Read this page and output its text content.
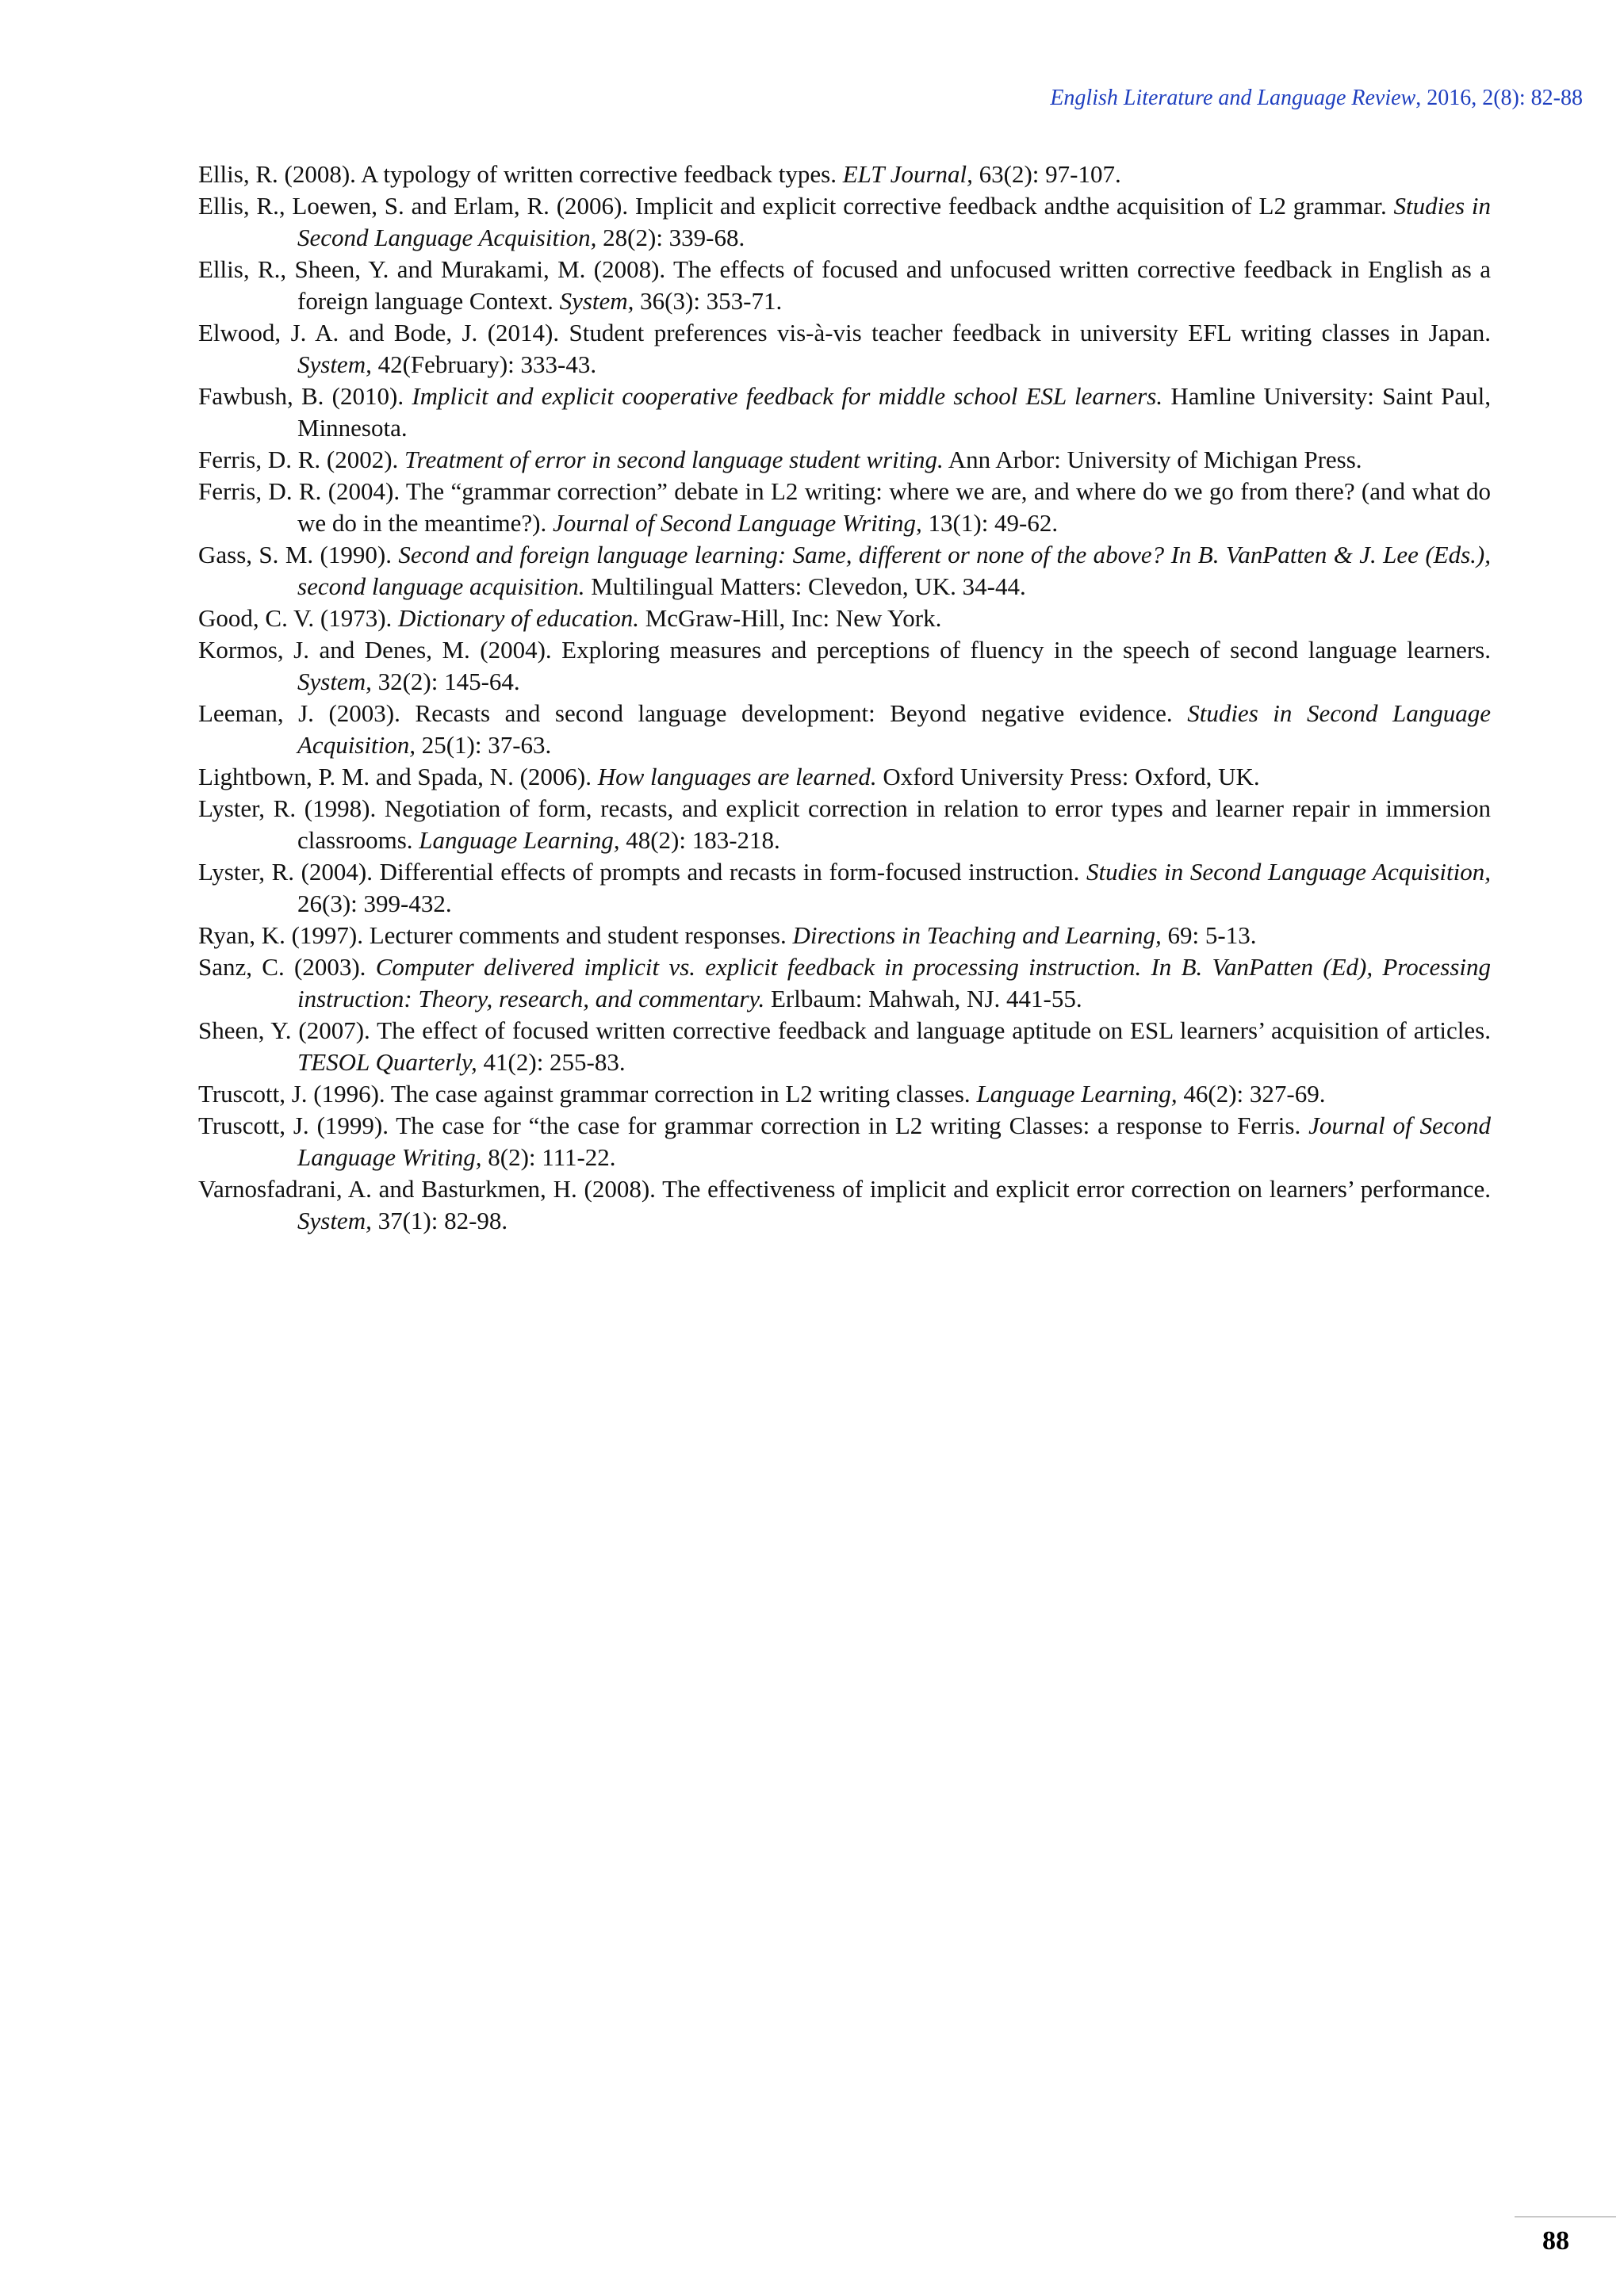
English Literature and Language Review, 2016, 2(8): 82-88
Ellis, R. (2008). A typology of written corrective feedback types. ELT Journal, 63(2): 97-107.
Ellis, R., Loewen, S. and Erlam, R. (2006). Implicit and explicit corrective feedback andthe acquisition of L2 grammar. Studies in Second Language Acquisition, 28(2): 339-68.
Ellis, R., Sheen, Y. and Murakami, M. (2008). The effects of focused and unfocused written corrective feedback in English as a foreign language Context. System, 36(3): 353-71.
Elwood, J. A. and Bode, J. (2014). Student preferences vis-à-vis teacher feedback in university EFL writing classes in Japan. System, 42(February): 333-43.
Fawbush, B. (2010). Implicit and explicit cooperative feedback for middle school ESL learners. Hamline University: Saint Paul, Minnesota.
Ferris, D. R. (2002). Treatment of error in second language student writing. Ann Arbor: University of Michigan Press.
Ferris, D. R. (2004). The “grammar correction” debate in L2 writing: where we are, and where do we go from there? (and what do we do in the meantime?). Journal of Second Language Writing, 13(1): 49-62.
Gass, S. M. (1990). Second and foreign language learning: Same, different or none of the above? In B. VanPatten & J. Lee (Eds.), second language acquisition. Multilingual Matters: Clevedon, UK. 34-44.
Good, C. V. (1973). Dictionary of education. McGraw-Hill, Inc: New York.
Kormos, J. and Denes, M. (2004). Exploring measures and perceptions of fluency in the speech of second language learners. System, 32(2): 145-64.
Leeman, J. (2003). Recasts and second language development: Beyond negative evidence. Studies in Second Language Acquisition, 25(1): 37-63.
Lightbown, P. M. and Spada, N. (2006). How languages are learned. Oxford University Press: Oxford, UK.
Lyster, R. (1998). Negotiation of form, recasts, and explicit correction in relation to error types and learner repair in immersion classrooms. Language Learning, 48(2): 183-218.
Lyster, R. (2004). Differential effects of prompts and recasts in form-focused instruction. Studies in Second Language Acquisition, 26(3): 399-432.
Ryan, K. (1997). Lecturer comments and student responses. Directions in Teaching and Learning, 69: 5-13.
Sanz, C. (2003). Computer delivered implicit vs. explicit feedback in processing instruction. In B. VanPatten (Ed), Processing instruction: Theory, research, and commentary. Erlbaum: Mahwah, NJ. 441-55.
Sheen, Y. (2007). The effect of focused written corrective feedback and language aptitude on ESL learners’ acquisition of articles. TESOL Quarterly, 41(2): 255-83.
Truscott, J. (1996). The case against grammar correction in L2 writing classes. Language Learning, 46(2): 327-69.
Truscott, J. (1999). The case for “the case for grammar correction in L2 writing Classes: a response to Ferris. Journal of Second Language Writing, 8(2): 111-22.
Varnosfadrani, A. and Basturkmen, H. (2008). The effectiveness of implicit and explicit error correction on learners’ performance. System, 37(1): 82-98.
88
